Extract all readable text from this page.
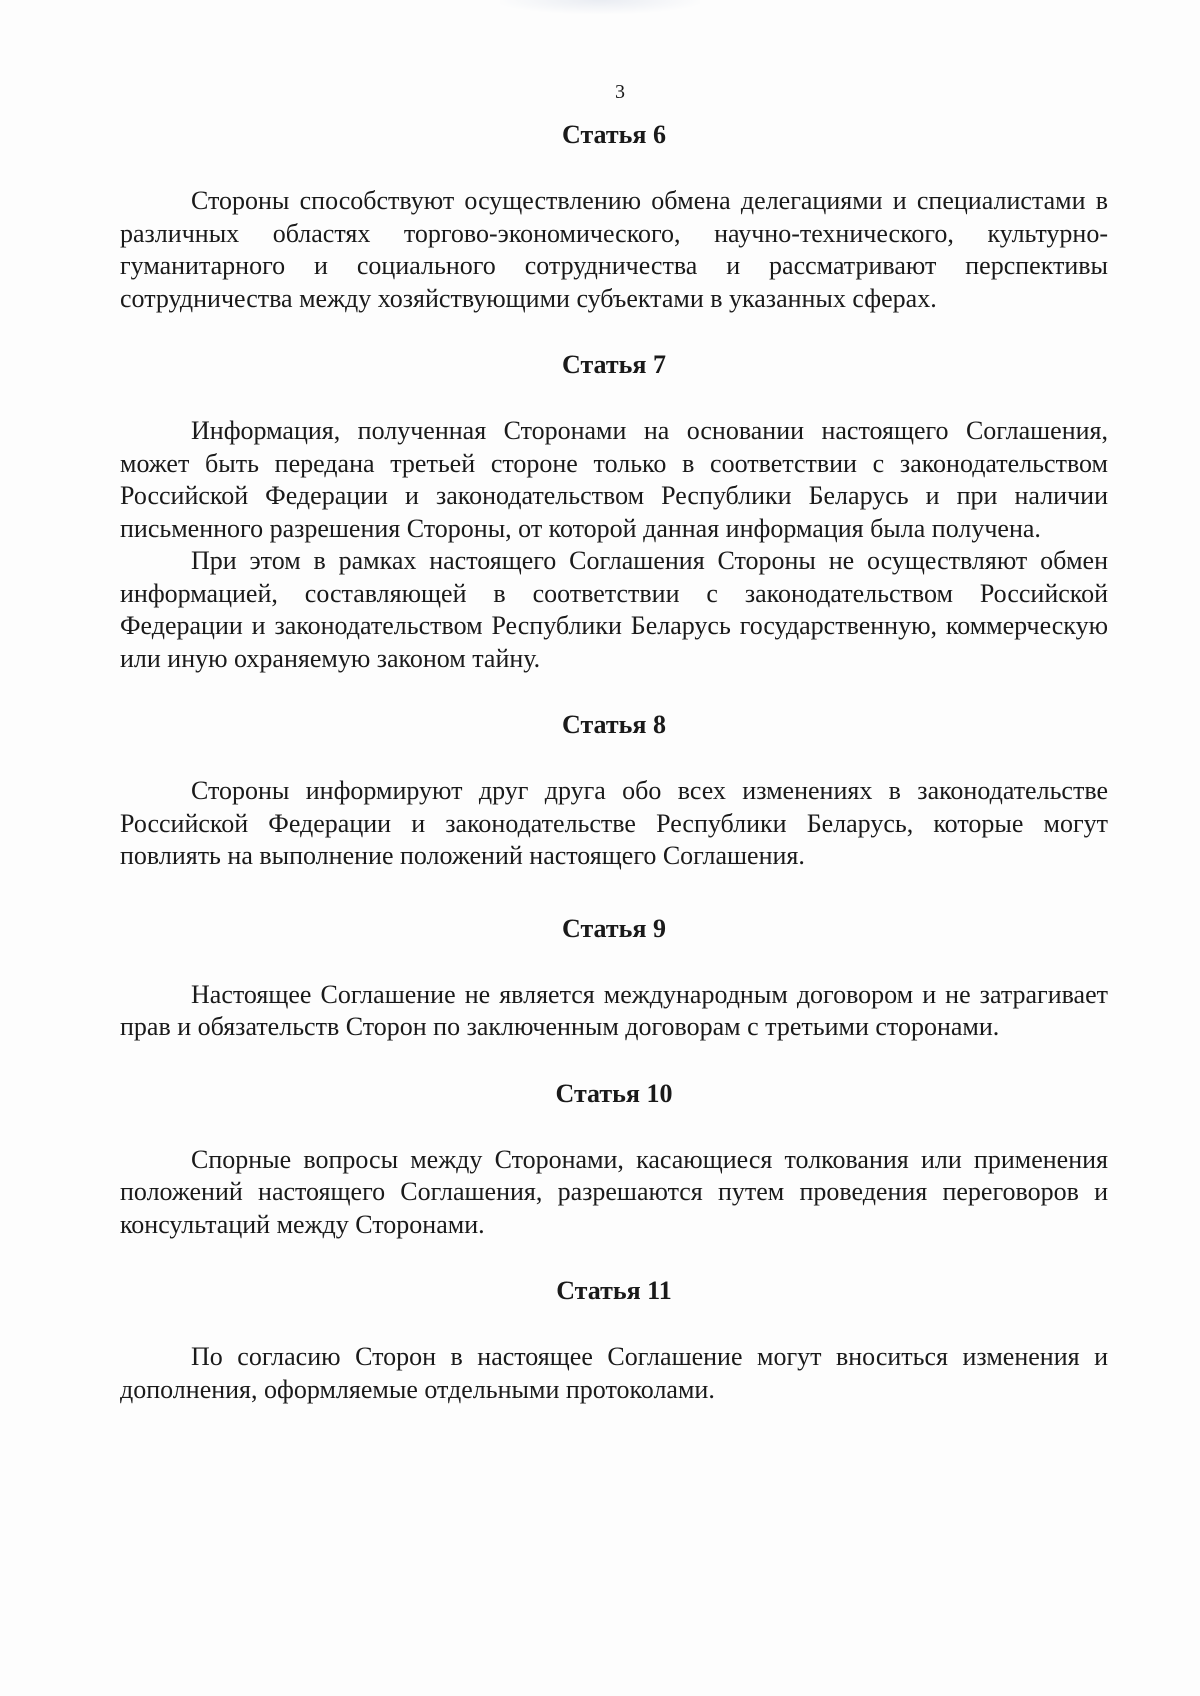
3
Статья 6

Стороны способствуют осуществлению обмена делегациями и специалистами в различных областях торгово-экономического, научно-технического, культурно-гуманитарного и социального сотрудничества и рассматривают перспективы сотрудничества между хозяйствующими субъектами в указанных сферах.

Статья 7

Информация, полученная Сторонами на основании настоящего Соглашения, может быть передана третьей стороне только в соответствии с законодательством Российской Федерации и законодательством Республики Беларусь и при наличии письменного разрешения Стороны, от которой данная информация была получена.

При этом в рамках настоящего Соглашения Стороны не осуществляют обмен информацией, составляющей в соответствии с законодательством Российской Федерации и законодательством Республики Беларусь государственную, коммерческую или иную охраняемую законом тайну.

Статья 8

Стороны информируют друг друга обо всех изменениях в законодательстве Российской Федерации и законодательстве Республики Беларусь, которые могут повлиять на выполнение положений настоящего Соглашения.

Статья 9

Настоящее Соглашение не является международным договором и не затрагивает прав и обязательств Сторон по заключенным договорам с третьими сторонами.

Статья 10

Спорные вопросы между Сторонами, касающиеся толкования или применения положений настоящего Соглашения, разрешаются путем проведения переговоров и консультаций между Сторонами.

Статья 11

По согласию Сторон в настоящее Соглашение могут вноситься изменения и дополнения, оформляемые отдельными протоколами.
